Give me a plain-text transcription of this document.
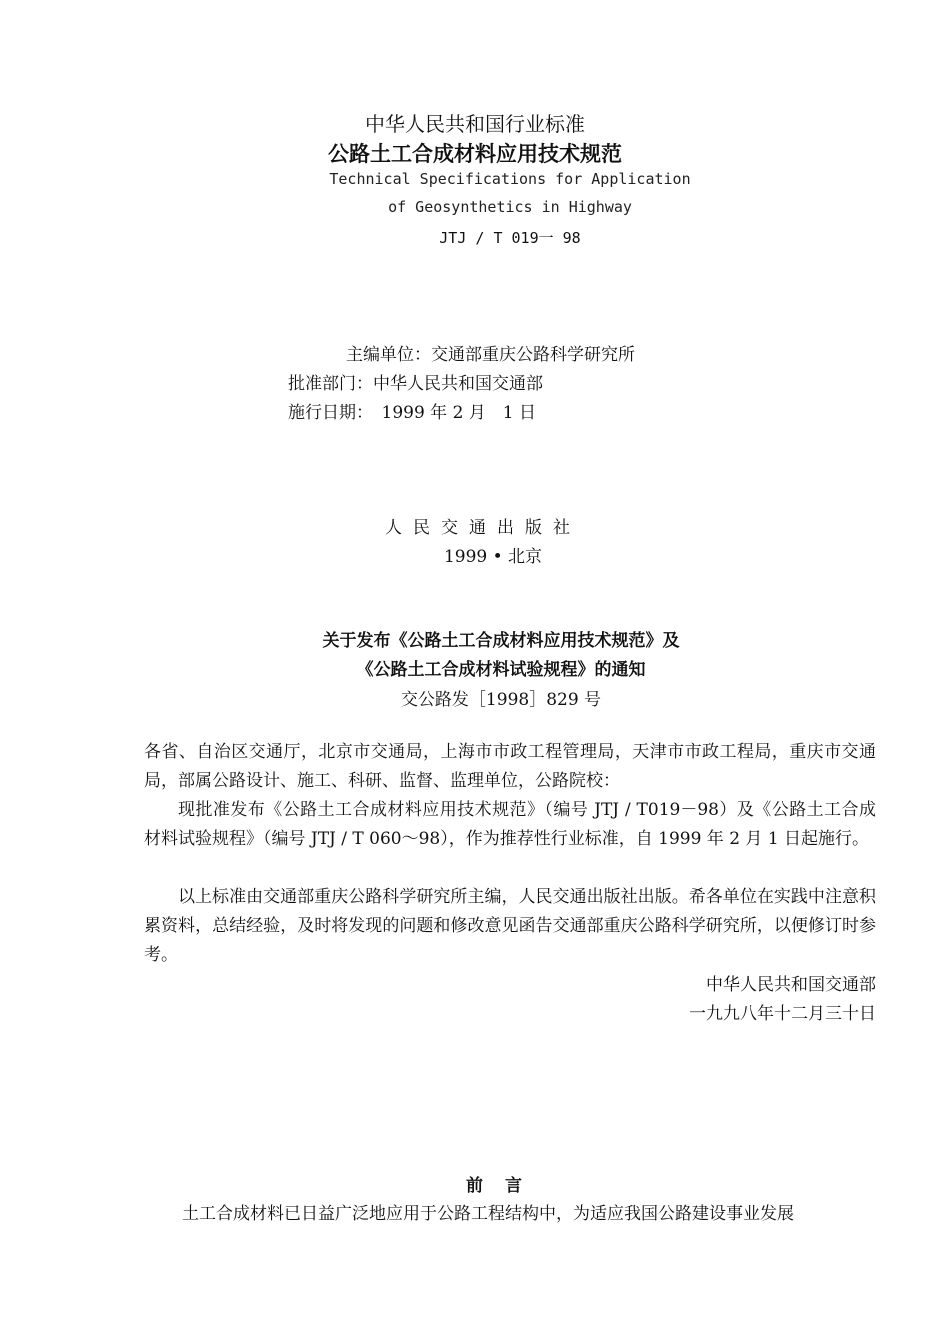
中华人民共和国行业标准
公路土工合成材料应用技术规范
Technical Specifications for Application
of Geosynthetics in Highway
JTJ / T 019一 98
主编单位：交通部重庆公路科学研究所
批准部门：中华人民共和国交通部
施行日期：　1999 年 2 月　1 日
人民交通出版社
1999 • 北京
关于发布《公路土工合成材料应用技术规范》及
《公路土工合成材料试验规程》的通知
交公路发［1998］829 号

各省、自治区交通厅，北京市交通局，上海市市政工程管理局，天津市市政工程局，重庆市交通局，部属公路设计、施工、科研、监督、监理单位，公路院校：

现批准发布《公路土工合成材料应用技术规范》（编号 JTJ / T019－98）及《公路土工合成材料试验规程》（编号 JTJ / T 060～98），作为推荐性行业标准，自 1999 年 2 月 1 日起施行。

以上标准由交通部重庆公路科学研究所主编，人民交通出版社出版。希各单位在实践中注意积累资料，总结经验，及时将发现的问题和修改意见函告交通部重庆公路科学研究所，以便修订时参考。

中华人民共和国交通部
一九九八年十二月三十日
前言
土工合成材料已日益广泛地应用于公路工程结构中，为适应我国公路建设事业发展
